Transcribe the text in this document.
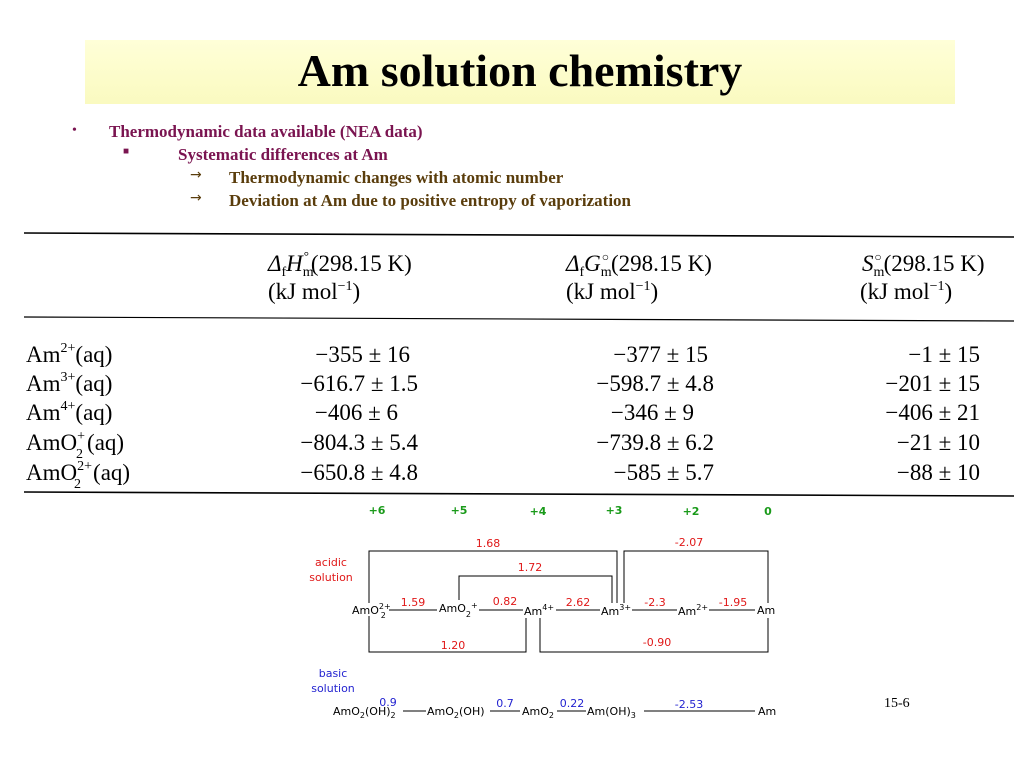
Am solution chemistry
• Thermodynamic data available (NEA data)
■	Systematic differences at Am
→ Thermodynamic changes with atomic number
→ Deviation at Am due to positive entropy of vaporization
$\Delta_fH_m^\circ(298.15$ K)
(kJ mol$^{-1}$)
$\Delta_fG_m○(298.15$ K)
(kJ mol$^{-1}$)
$S_m○(298.15$ K)
(kJ mol$^{-1}$)
$Am^{2+}(aq)$	−355 ± 16	−377 ± 15	−1 ± 15
$Am^{3+}(aq)$	−616.7 ± 1.5	−598.7 ± 4.8	−201 ± 15
$Am^{4+}(aq)$	−406 ± 6	−346 ± 9	−406 ± 21
AmO+ 2 (aq)	−804.3 ± 5.4	−739.8 ± 6.2	−21 ± 10
AmO$^{2+}$ 2 (aq)	−650.8 ± 4.8	−585 ± 5.7	−88 ± 10
+6	+5	+4	+3	+2	0
acidic
solution
AmO$^{2+}$ 2
AmO$_2$+	$Am^{4+}$	$Am^{3+}$	$Am^{2+}$	Am
1.59	0.82	2.62	-2.3	-1.95
1.68
1.72
-2.07
1.20	-0.90
basic
solution
$AmO_2(OH)_2$	AmO$_2$(OH)	AmO$_2$	$Am(OH)_3$	Am
0.9	0.7	0.22	-2.53	15-6
